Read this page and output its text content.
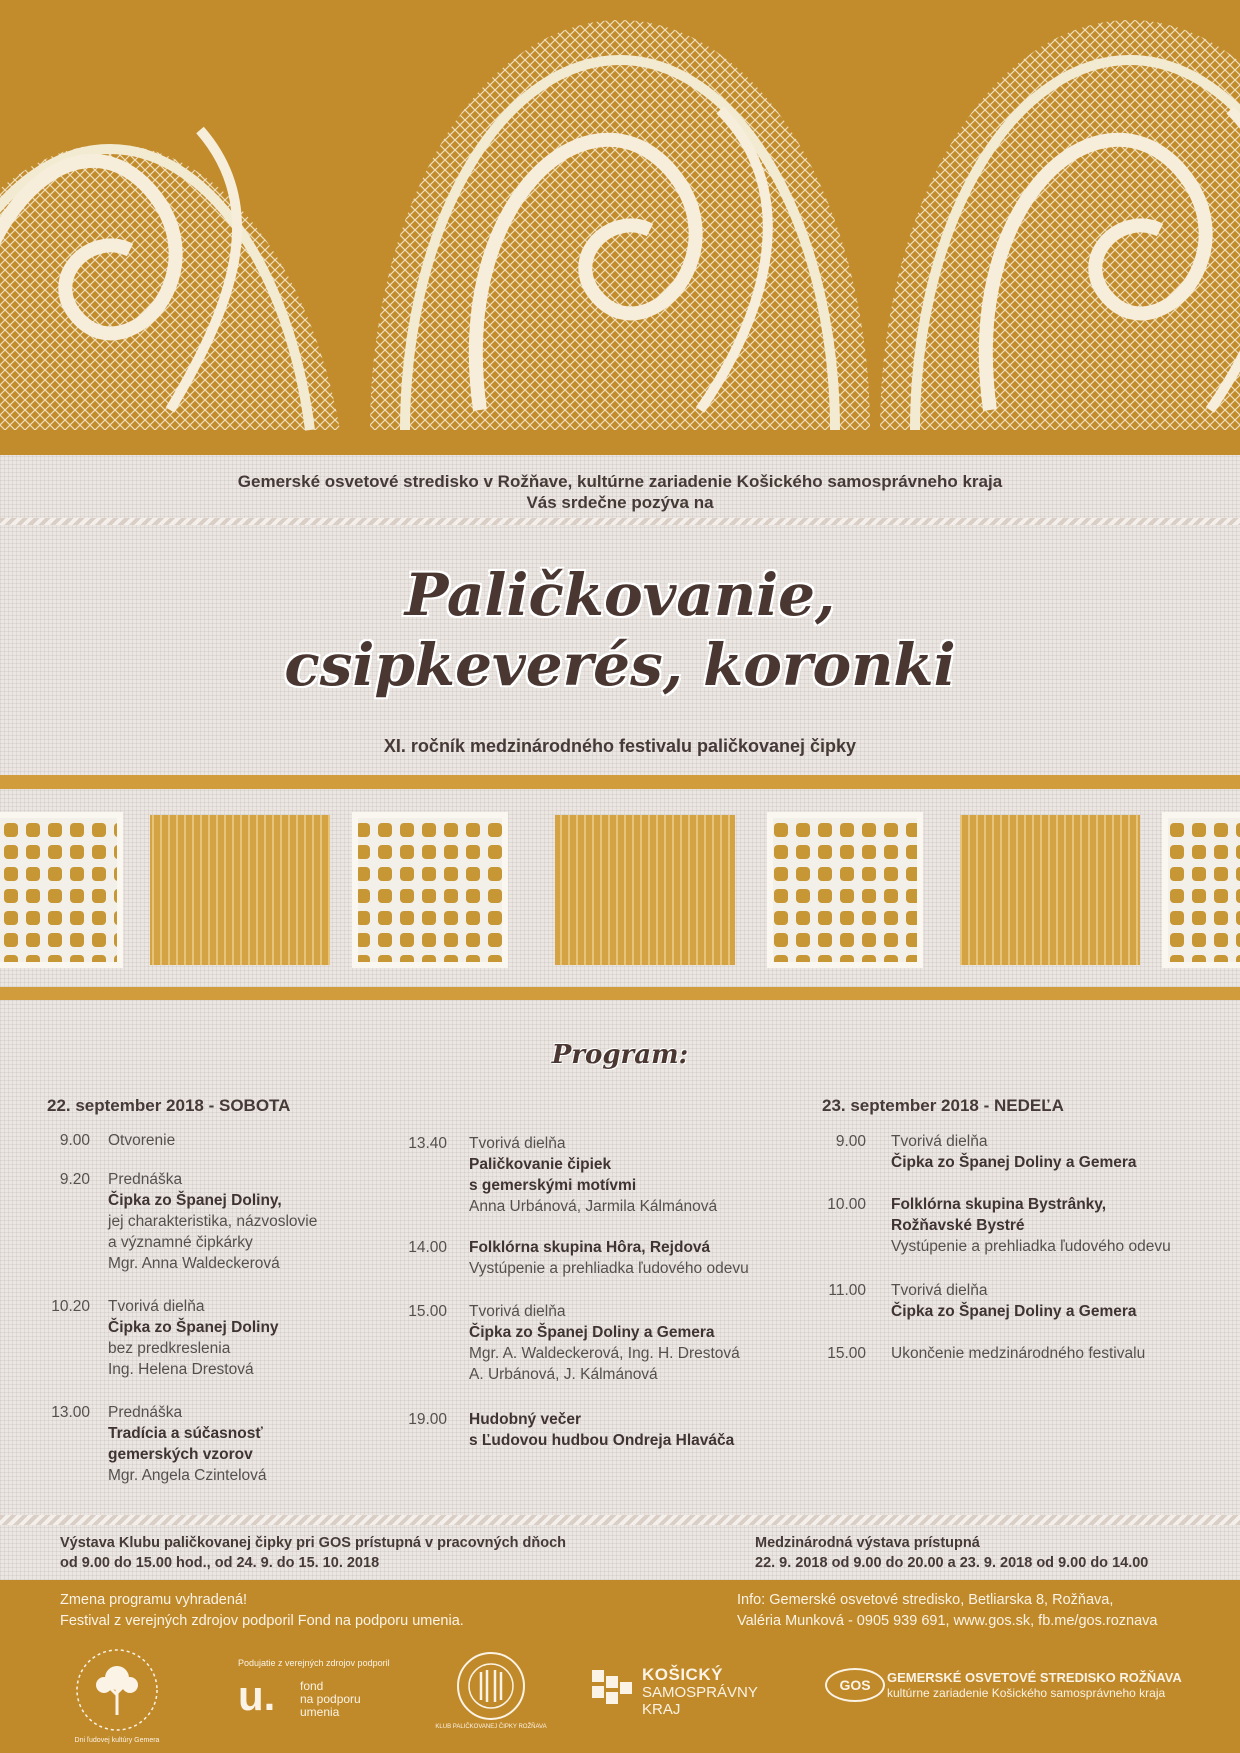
Gemerské osvetové stredisko v Rožňave, kultúrne zariadenie Košického samosprávneho kraja
Vás srdečne pozýva na
Paličkovanie,
csipkeverés, koronki
XI. ročník medzinárodného festivalu paličkovanej čipky
Program:
22. september 2018 - SOBOTA	23. september 2018 - NEDEĽA
9.00 Otvorenie
9.20 Prednáška
Čipka zo Španej Doliny,
jej charakteristika, názvoslovie
a významné čipkárky
Mgr. Anna Waldeckerová
10.20 Tvorivá dielňa
Čipka zo Španej Doliny
bez predkreslenia
Ing. Helena Drestová
13.00 Prednáška
Tradícia a súčasnosť
gemerských vzorov
Mgr. Angela Czintelová
13.40 Tvorivá dielňa
Paličkovanie čipiek
s gemerskými motívmi
Anna Urbánová, Jarmila Kálmánová
14.00 Folklórna skupina Hôra, Rejdová
Vystúpenie a prehliadka ľudového odevu
15.00 Tvorivá dielňa
Čipka zo Španej Doliny a Gemera
Mgr. A. Waldeckerová, Ing. H. Drestová
A. Urbánová, J. Kálmánová
19.00 Hudobný večer
s Ľudovou hudbou Ondreja Hlaváča
9.00 Tvorivá dielňa
Čipka zo Španej Doliny a Gemera
10.00 Folklórna skupina Bystrânky,
Rožňavské Bystré
Vystúpenie a prehliadka ľudového odevu
11.00 Tvorivá dielňa
Čipka zo Španej Doliny a Gemera
15.00 Ukončenie medzinárodného festivalu
Výstava Klubu paličkovanej čipky pri GOS prístupná v pracovných dňoch
od 9.00 do 15.00 hod., od 24. 9. do 15. 10. 2018
Medzinárodná výstava prístupná
22. 9. 2018 od 9.00 do 20.00 a 23. 9. 2018 od 9.00 do 14.00
Zmena programu vyhradená!
Festival z verejných zdrojov podporil Fond na podporu umenia.
Info: Gemerské osvetové stredisko, Betliarska 8, Rožňava,
Valéria Munková - 0905 939 691, www.gos.sk, fb.me/gos.roznava
Dni ľudovej kultúry Gemera
Podujatie z verejných zdrojov podporil
u. fond
na podporu
umenia
KLUB PALIČKOVANEJ ČIPKY ROŽŇAVA
KOŠICKÝ
SAMOSPRÁVNY
KRAJ
GOS	GEMERSKÉ OSVETOVÉ STREDISKO ROŽŇAVA
kultúrne zariadenie Košického samosprávneho kraja
